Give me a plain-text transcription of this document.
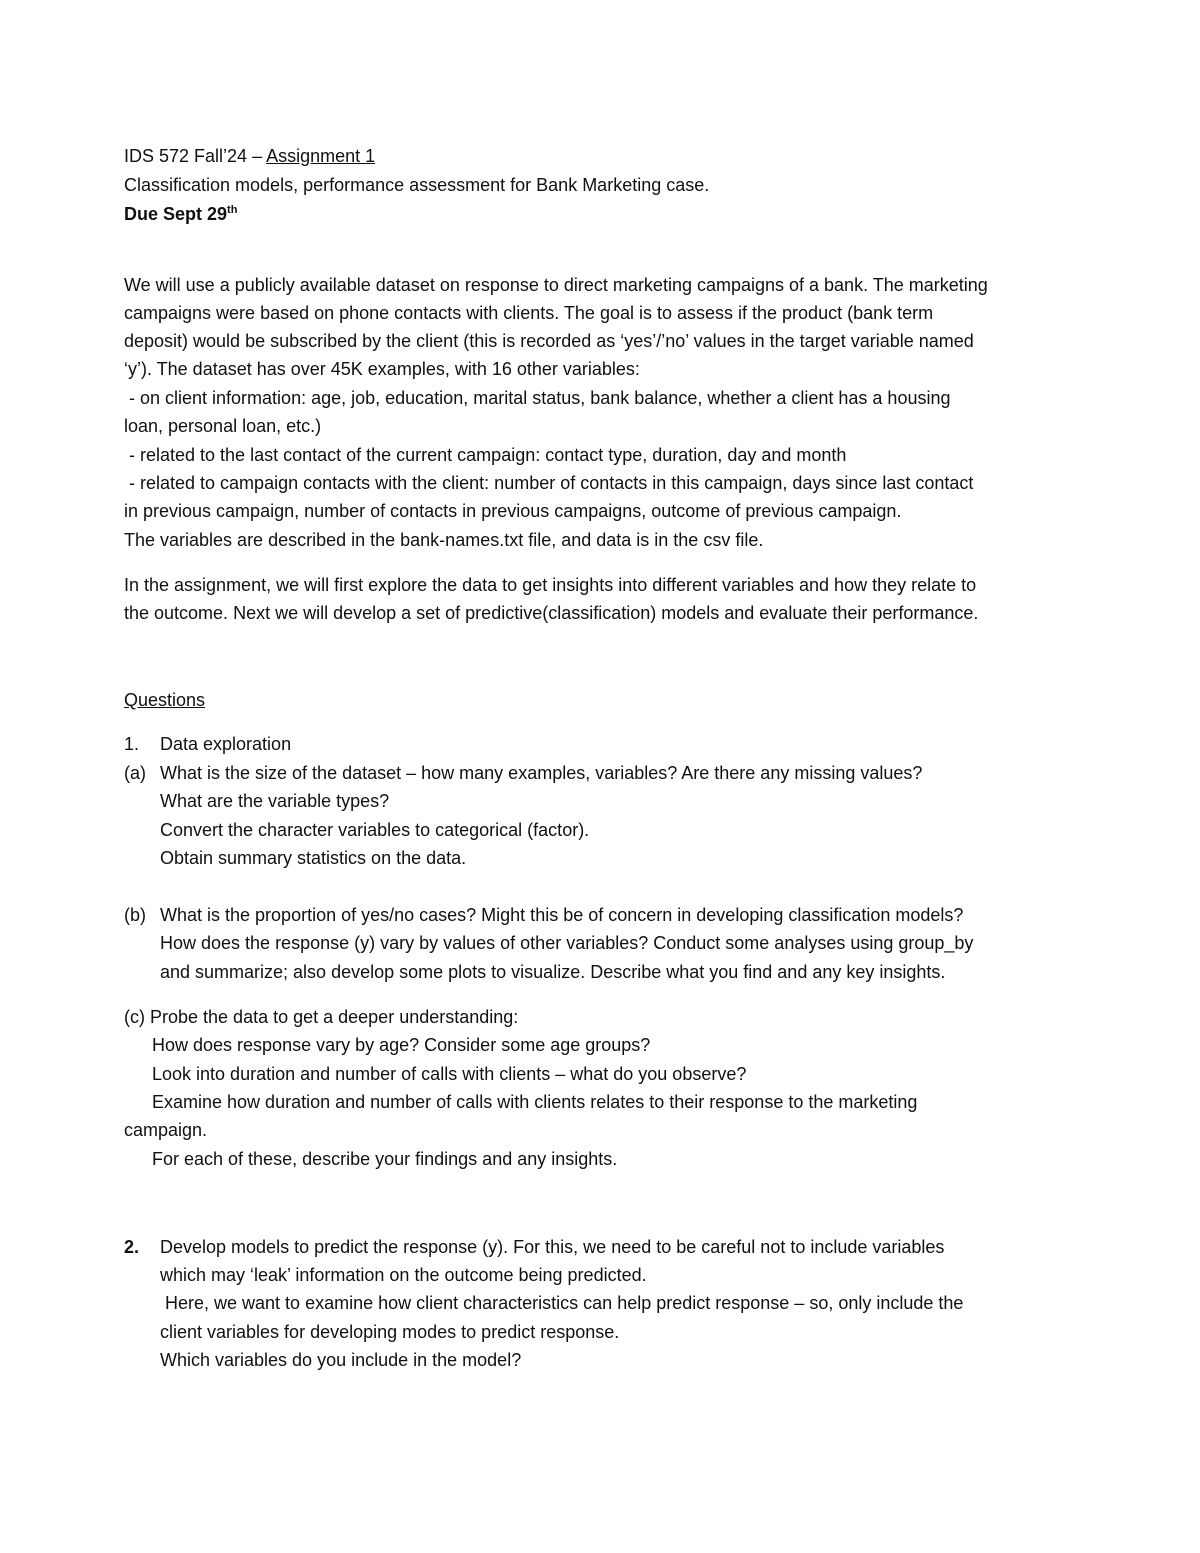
IDS 572 Fall’24 – Assignment 1
Classification models, performance assessment for Bank Marketing case.
Due Sept 29th
We will use a publicly available dataset on response to direct marketing campaigns of a bank. The marketing
campaigns were based on phone contacts with clients. The goal is to assess if the product (bank term
deposit) would be subscribed by the client (this is recorded as ‘yes’/’no’ values in the target variable named
‘y’). The dataset has over 45K examples, with 16 other variables:
- on client information: age, job, education, marital status, bank balance, whether a client has a housing
loan, personal loan, etc.)
- related to the last contact of the current campaign: contact type, duration, day and month
- related to campaign contacts with the client: number of contacts in this campaign, days since last contact
in previous campaign, number of contacts in previous campaigns, outcome of previous campaign.
The variables are described in the bank-names.txt file, and data is in the csv file.
In the assignment, we will first explore the data to get insights into different variables and how they relate to
the outcome. Next we will develop a set of predictive(classification) models and evaluate their performance.
Questions
1. Data exploration
(a) What is the size of the dataset – how many examples, variables? Are there any missing values?
What are the variable types?
Convert the character variables to categorical (factor).
Obtain summary statistics on the data.
(b) What is the proportion of yes/no cases? Might this be of concern in developing classification models?
How does the response (y) vary by values of other variables? Conduct some analyses using group_by
and summarize; also develop some plots to visualize. Describe what you find and any key insights.
(c) Probe the data to get a deeper understanding:
How does response vary by age? Consider some age groups?
Look into duration and number of calls with clients – what do you observe?
Examine how duration and number of calls with clients relates to their response to the marketing
campaign.
For each of these, describe your findings and any insights.
2. Develop models to predict the response (y). For this, we need to be careful not to include variables
which may ‘leak’ information on the outcome being predicted.
Here, we want to examine how client characteristics can help predict response – so, only include the
client variables for developing modes to predict response.
Which variables do you include in the model?
